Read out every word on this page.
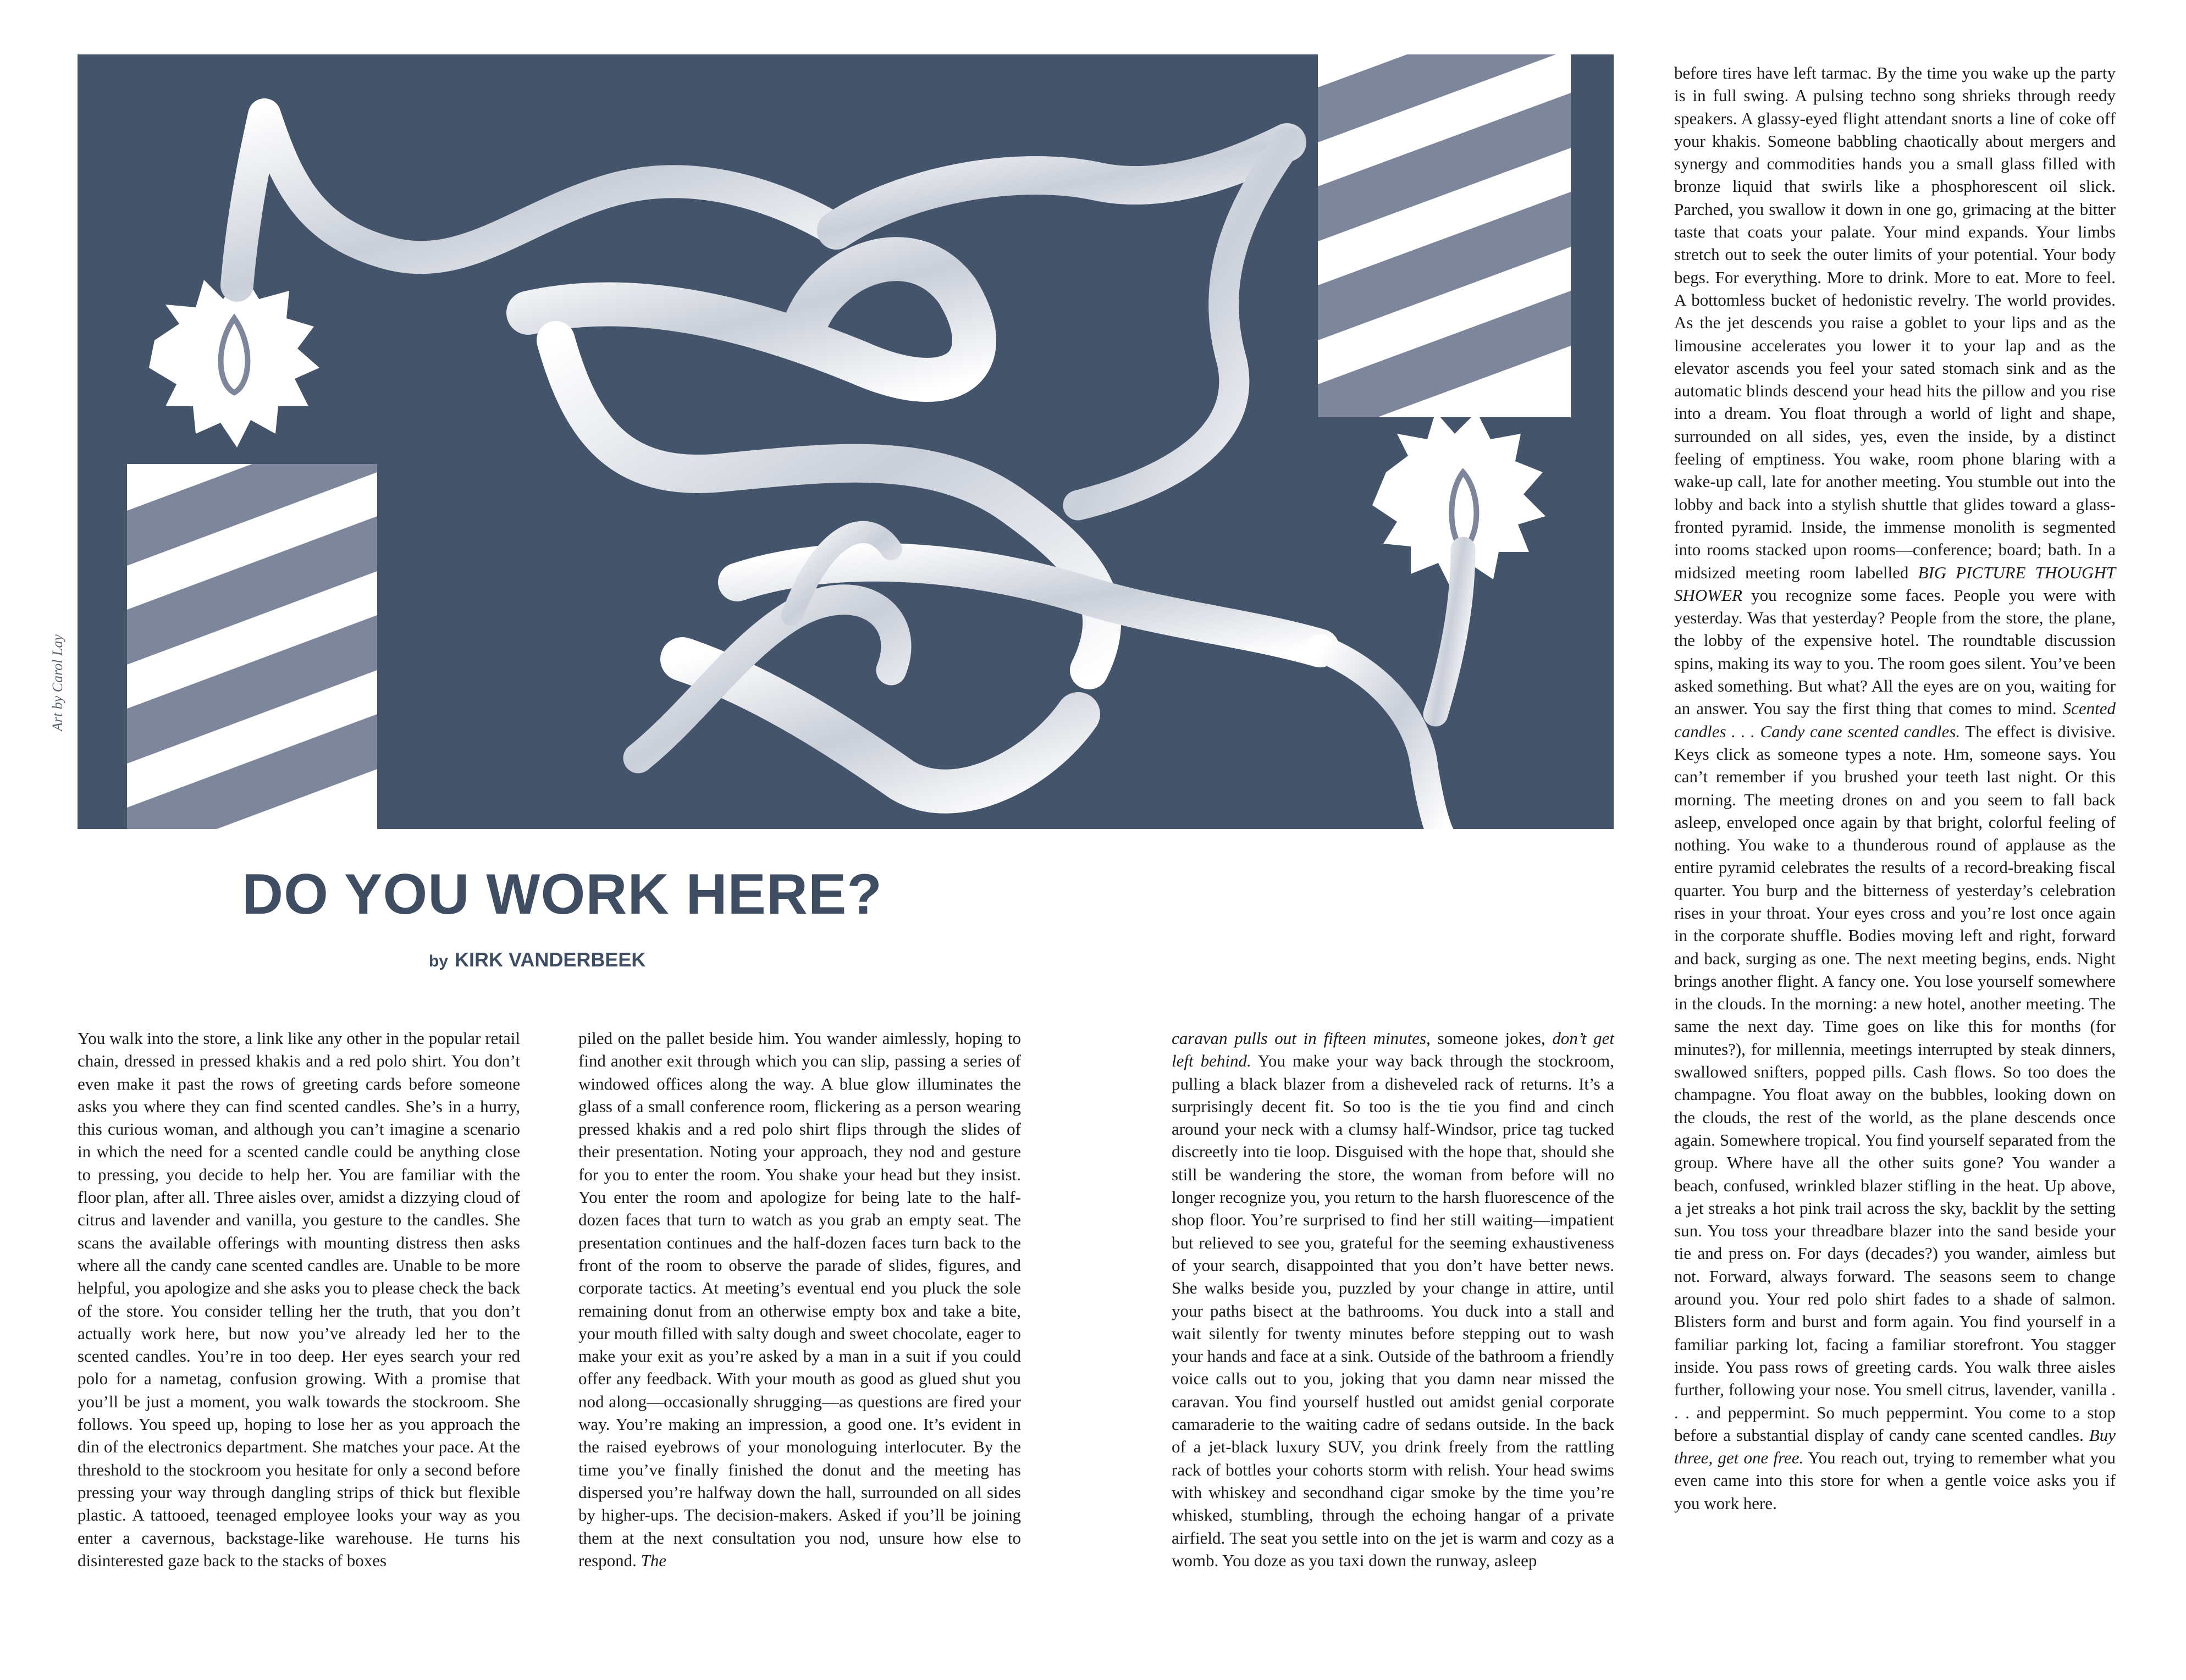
Art by Carol Lay
DO YOU WORK HERE?
by KIRK VANDERBEEK
You walk into the store, a link like any other in the popular retail chain, dressed in pressed khakis and a red polo shirt. You don’t even make it past the rows of greeting cards before someone asks you where they can find scented candles. She’s in a hurry, this curious woman, and although you can’t imagine a scenario in which the need for a scented candle could be anything close to pressing, you decide to help her. You are familiar with the floor plan, after all. Three aisles over, amidst a dizzying cloud of citrus and lavender and vanilla, you gesture to the candles. She scans the available offerings with mounting distress then asks where all the candy cane scented candles are. Unable to be more helpful, you apologize and she asks you to please check the back of the store. You consider telling her the truth, that you don’t actually work here, but now you’ve already led her to the scented candles. You’re in too deep. Her eyes search your red polo for a nametag, confusion growing. With a promise that you’ll be just a moment, you walk towards the stockroom. She follows. You speed up, hoping to lose her as you approach the din of the electronics department. She matches your pace. At the threshold to the stockroom you hesitate for only a second before pressing your way through dangling strips of thick but flexible plastic. A tattooed, teenaged employee looks your way as you enter a cavernous, backstage-like warehouse. He turns his disinterested gaze back to the stacks of boxes
piled on the pallet beside him. You wander aimlessly, hoping to find another exit through which you can slip, passing a series of windowed offices along the way. A blue glow illuminates the glass of a small conference room, flickering as a person wearing pressed khakis and a red polo shirt flips through the slides of their presentation. Noting your approach, they nod and gesture for you to enter the room. You shake your head but they insist. You enter the room and apologize for being late to the half-dozen faces that turn to watch as you grab an empty seat. The presentation continues and the half-dozen faces turn back to the front of the room to observe the parade of slides, figures, and corporate tactics. At meeting’s eventual end you pluck the sole remaining donut from an otherwise empty box and take a bite, your mouth filled with salty dough and sweet chocolate, eager to make your exit as you’re asked by a man in a suit if you could offer any feedback. With your mouth as good as glued shut you nod along—occasionally shrugging—as questions are fired your way. You’re making an impression, a good one. It’s evident in the raised eyebrows of your monologuing interlocuter. By the time you’ve finally finished the donut and the meeting has dispersed you’re halfway down the hall, surrounded on all sides by higher-ups. The decision-makers. Asked if you’ll be joining them at the next consultation you nod, unsure how else to respond. The
caravan pulls out in fifteen minutes, someone jokes, don’t get left behind. You make your way back through the stockroom, pulling a black blazer from a disheveled rack of returns. It’s a surprisingly decent fit. So too is the tie you find and cinch around your neck with a clumsy half-Windsor, price tag tucked discreetly into tie loop. Disguised with the hope that, should she still be wandering the store, the woman from before will no longer recognize you, you return to the harsh fluorescence of the shop floor. You’re surprised to find her still waiting—impatient but relieved to see you, grateful for the seeming exhaustiveness of your search, disappointed that you don’t have better news. She walks beside you, puzzled by your change in attire, until your paths bisect at the bathrooms. You duck into a stall and wait silently for twenty minutes before stepping out to wash your hands and face at a sink. Outside of the bathroom a friendly voice calls out to you, joking that you damn near missed the caravan. You find yourself hustled out amidst genial corporate camaraderie to the waiting cadre of sedans outside. In the back of a jet-black luxury SUV, you drink freely from the rattling rack of bottles your cohorts storm with relish. Your head swims with whiskey and secondhand cigar smoke by the time you’re whisked, stumbling, through the echoing hangar of a private airfield. The seat you settle into on the jet is warm and cozy as a womb. You doze as you taxi down the runway, asleep
before tires have left tarmac. By the time you wake up the party is in full swing. A pulsing techno song shrieks through reedy speakers. A glassy-eyed flight attendant snorts a line of coke off your khakis. Someone babbling chaotically about mergers and synergy and commodities hands you a small glass filled with bronze liquid that swirls like a phosphorescent oil slick. Parched, you swallow it down in one go, grimacing at the bitter taste that coats your palate. Your mind expands. Your limbs stretch out to seek the outer limits of your potential. Your body begs. For everything. More to drink. More to eat. More to feel. A bottomless bucket of hedonistic revelry. The world provides. As the jet descends you raise a goblet to your lips and as the limousine accelerates you lower it to your lap and as the elevator ascends you feel your sated stomach sink and as the automatic blinds descend your head hits the pillow and you rise into a dream. You float through a world of light and shape, surrounded on all sides, yes, even the inside, by a distinct feeling of emptiness. You wake, room phone blaring with a wake-up call, late for another meeting. You stumble out into the lobby and back into a stylish shuttle that glides toward a glass-fronted pyramid. Inside, the immense monolith is segmented into rooms stacked upon rooms—conference; board; bath. In a midsized meeting room labelled BIG PICTURE THOUGHT SHOWER you recognize some faces. People you were with yesterday. Was that yesterday? People from the store, the plane, the lobby of the expensive hotel. The roundtable discussion spins, making its way to you. The room goes silent. You’ve been asked something. But what? All the eyes are on you, waiting for an answer. You say the first thing that comes to mind. Scented candles . . . Candy cane scented candles. The effect is divisive. Keys click as someone types a note. Hm, someone says. You can’t remember if you brushed your teeth last night. Or this morning. The meeting drones on and you seem to fall back asleep, enveloped once again by that bright, colorful feeling of nothing. You wake to a thunderous round of applause as the entire pyramid celebrates the results of a record-breaking fiscal quarter. You burp and the bitterness of yesterday’s celebration rises in your throat. Your eyes cross and you’re lost once again in the corporate shuffle. Bodies moving left and right, forward and back, surging as one. The next meeting begins, ends. Night brings another flight. A fancy one. You lose yourself somewhere in the clouds. In the morning: a new hotel, another meeting. The same the next day. Time goes on like this for months (for minutes?), for millennia, meetings interrupted by steak dinners, swallowed snifters, popped pills. Cash flows. So too does the champagne. You float away on the bubbles, looking down on the clouds, the rest of the world, as the plane descends once again. Somewhere tropical. You find yourself separated from the group. Where have all the other suits gone? You wander a beach, confused, wrinkled blazer stifling in the heat. Up above, a jet streaks a hot pink trail across the sky, backlit by the setting sun. You toss your threadbare blazer into the sand beside your tie and press on. For days (decades?) you wander, aimless but not. Forward, always forward. The seasons seem to change around you. Your red polo shirt fades to a shade of salmon. Blisters form and burst and form again. You find yourself in a familiar parking lot, facing a familiar storefront. You stagger inside. You pass rows of greeting cards. You walk three aisles further, following your nose. You smell citrus, lavender, vanilla . . . and peppermint. So much peppermint. You come to a stop before a substantial display of candy cane scented candles. Buy three, get one free. You reach out, trying to remember what you even came into this store for when a gentle voice asks you if you work here.
